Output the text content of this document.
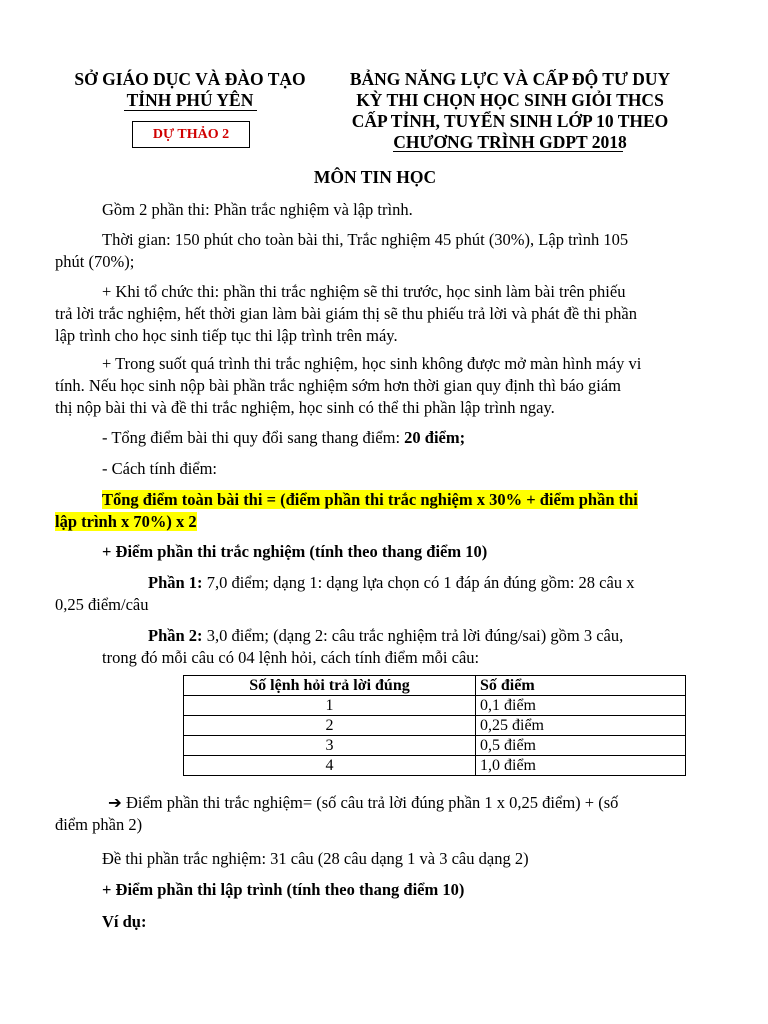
SỞ GIÁO DỤC VÀ ĐÀO TẠO
TỈNH PHÚ YÊN
DỰ THẢO 2
BẢNG NĂNG LỰC VÀ CẤP ĐỘ TƯ DUY
KỲ THI CHỌN HỌC SINH GIỎI THCS
CẤP TỈNH, TUYỂN SINH LỚP 10 THEO
CHƯƠNG TRÌNH GDPT 2018
MÔN TIN HỌC
Gồm 2 phần thi: Phần trắc nghiệm và lập trình.
Thời gian: 150 phút cho toàn bài thi, Trắc nghiệm 45 phút (30%), Lập trình 105
phút (70%);
+ Khi tổ chức thi: phần thi trắc nghiệm sẽ thi trước, học sinh làm bài trên phiếu
trả lời trắc nghiệm, hết thời gian làm bài giám thị sẽ thu phiếu trả lời và phát đề thi phần
lập trình cho học sinh tiếp tục thi lập trình trên máy.
+ Trong suốt quá trình thi trắc nghiệm, học sinh không được mở màn hình máy vi
tính. Nếu học sinh nộp bài phần trắc nghiệm sớm hơn thời gian quy định thì báo giám
thị nộp bài thi và đề thi trắc nghiệm, học sinh có thể thi phần lập trình ngay.
- Tổng điểm bài thi quy đổi sang thang điểm: 20 điểm;
- Cách tính điểm:
Tổng điểm toàn bài thi = (điểm phần thi trắc nghiệm x 30% + điểm phần thi
lập trình x 70%) x 2
+ Điểm phần thi trắc nghiệm (tính theo thang điểm 10)
Phần 1: 7,0 điểm; dạng 1: dạng lựa chọn có 1 đáp án đúng gồm: 28 câu x
0,25 điểm/câu
Phần 2: 3,0 điểm; (dạng 2: câu trắc nghiệm trả lời đúng/sai) gồm 3 câu,
trong đó mỗi câu có 04 lệnh hỏi, cách tính điểm mỗi câu:
Số lệnh hỏi trả lời đúng	Số điểm
1	0,1 điểm
2	0,25 điểm
3	0,5 điểm
4	1,0 điểm
➔ Điểm phần thi trắc nghiệm= (số câu trả lời đúng phần 1 x 0,25 điểm) + (số
điểm phần 2)
Đề thi phần trắc nghiệm: 31 câu (28 câu dạng 1 và 3 câu dạng 2)
+ Điểm phần thi lập trình (tính theo thang điểm 10)
Ví dụ:
